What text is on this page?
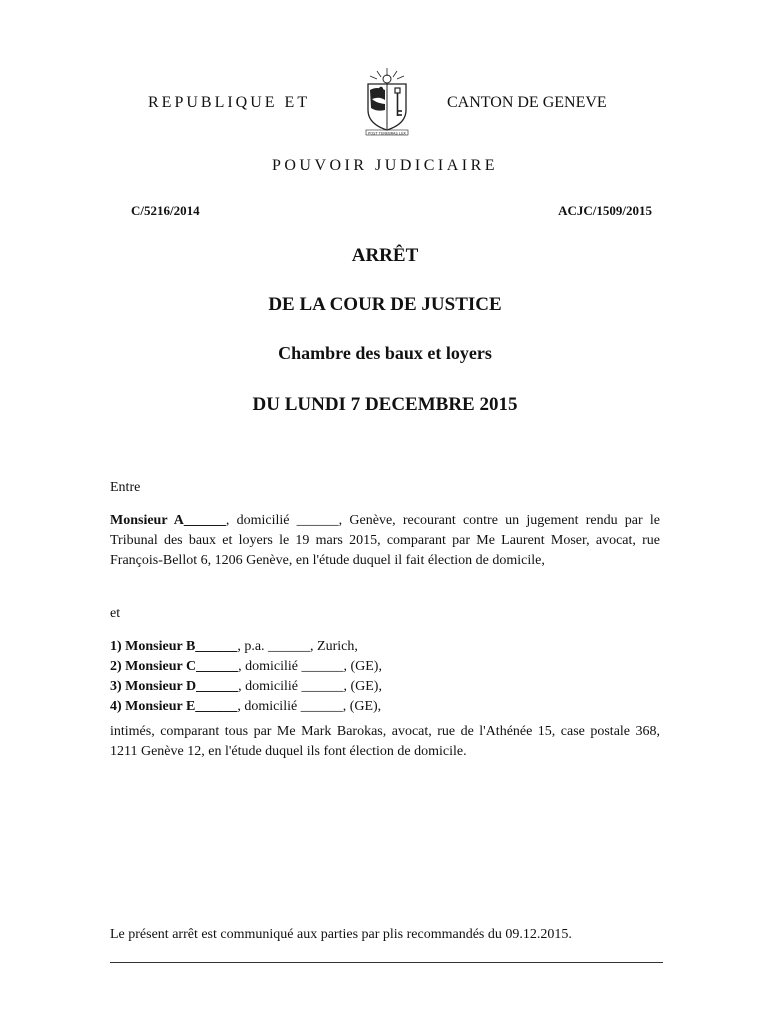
REPUBLIQUE ET
POST TENEBRAS LUX
CANTON DE GENEVE
POUVOIR JUDICIAIRE
C/5216/2014	ACJC/1509/2015
ARRÊT
DE LA COUR DE JUSTICE
Chambre des baux et loyers
DU LUNDI 7 DECEMBRE 2015
Entre
Monsieur A______, domicilié ______, Genève, recourant contre un jugement rendu par le Tribunal des baux et loyers le 19 mars 2015, comparant par Me Laurent Moser, avocat, rue François-Bellot 6, 1206 Genève, en l'étude duquel il fait élection de domicile,
et
1) Monsieur B______, p.a. ______, Zurich,
2) Monsieur C______, domicilié ______, (GE),
3) Monsieur D______, domicilié ______, (GE),
4) Monsieur E______, domicilié ______, (GE),
intimés, comparant tous par Me Mark Barokas, avocat, rue de l'Athénée 15, case postale 368, 1211 Genève 12, en l'étude duquel ils font élection de domicile.
Le présent arrêt est communiqué aux parties par plis recommandés du 09.12.2015.
